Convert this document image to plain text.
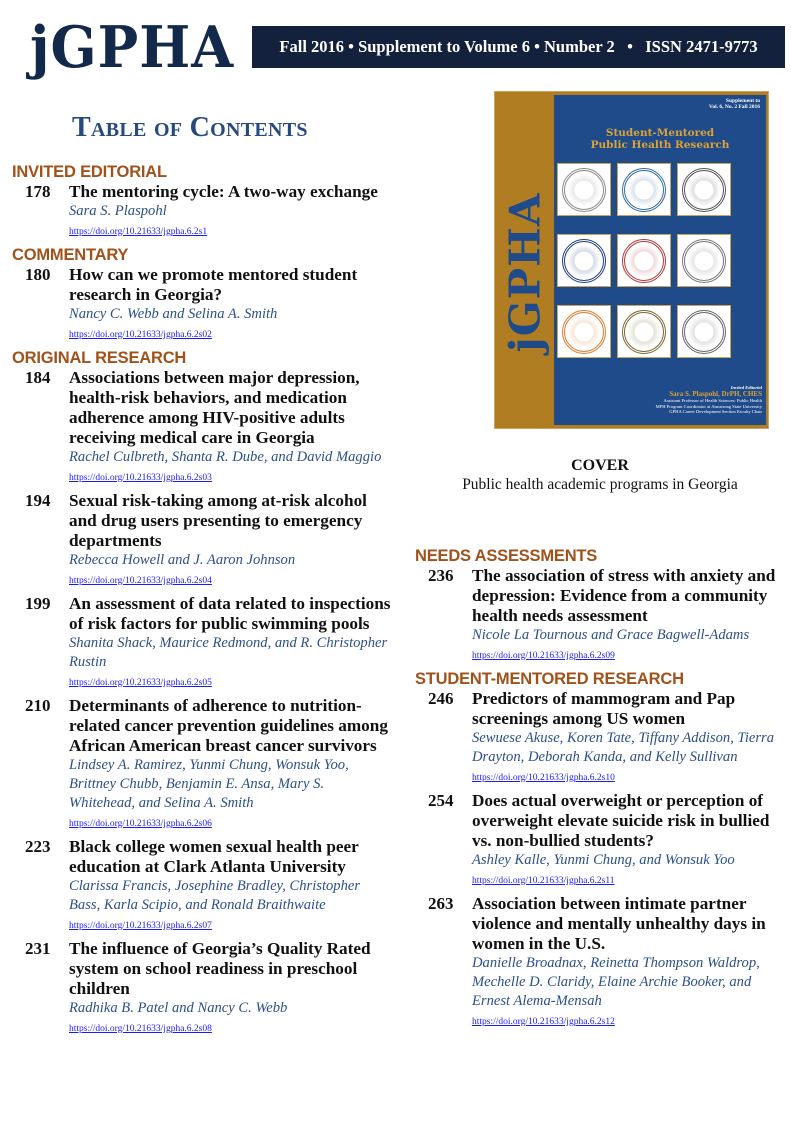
jGPHA	Fall 2016 • Supplement to Volume 6 • Number 2   •   ISSN 2471-9773
Table of Contents
INVITED EDITORIAL
178	The mentoring cycle: A two-way exchange
Sara S. Plaspohl
https://doi.org/10.21633/jgpha.6.2s1
COMMENTARY
180	How can we promote mentored student research in Georgia?
Nancy C. Webb and Selina A. Smith
https://doi.org/10.21633/jgpha.6.2s02
ORIGINAL RESEARCH
184	Associations between major depression, health-risk behaviors, and medication adherence among HIV-positive adults receiving medical care in Georgia
Rachel Culbreth, Shanta R. Dube, and David Maggio
https://doi.org/10.21633/jgpha.6.2s03
194	Sexual risk-taking among at-risk alcohol and drug users presenting to emergency departments
Rebecca Howell and J. Aaron Johnson
https://doi.org/10.21633/jgpha.6.2s04
199	An assessment of data related to inspections of risk factors for public swimming pools
Shanita Shack, Maurice Redmond, and R. Christopher Rustin
https://doi.org/10.21633/jgpha.6.2s05
210	Determinants of adherence to nutrition-related cancer prevention guidelines among African American breast cancer survivors
Lindsey A. Ramirez, Yunmi Chung, Wonsuk Yoo, Brittney Chubb, Benjamin E. Ansa, Mary S. Whitehead, and Selina A. Smith
https://doi.org/10.21633/jgpha.6.2s06
223	Black college women sexual health peer education at Clark Atlanta University
Clarissa Francis, Josephine Bradley, Christopher Bass, Karla Scipio, and Ronald Braithwaite
https://doi.org/10.21633/jgpha.6.2s07
231	The influence of Georgia’s Quality Rated system on school readiness in preschool children
Radhika B. Patel and Nancy C. Webb
https://doi.org/10.21633/jgpha.6.2s08
NEEDS ASSESSMENTS
236	The association of stress with anxiety and depression: Evidence from a community health needs assessment
Nicole La Tournous and Grace Bagwell-Adams
https://doi.org/10.21633/jgpha.6.2s09
STUDENT-MENTORED RESEARCH
246	Predictors of mammogram and Pap screenings among US women
Sewuese Akuse, Koren Tate, Tiffany Addison, Tierra Drayton, Deborah Kanda, and Kelly Sullivan
https://doi.org/10.21633/jgpha.6.2s10
254	Does actual overweight or perception of overweight elevate suicide risk in bullied vs. non-bullied students?
Ashley Kalle, Yunmi Chung, and Wonsuk Yoo
https://doi.org/10.21633/jgpha.6.2s11
263	Association between intimate partner violence and mentally unhealthy days in women in the U.S.
Danielle Broadnax, Reinetta Thompson Waldrop, Mechelle D. Claridy, Elaine Archie Booker, and Ernest Alema-Mensah
https://doi.org/10.21633/jgpha.6.2s12
jGPHA
Supplement to
Vol. 6, No. 2 Fall 2016
Student-Mentored
Public Health Research
Invited Editorial
Sara S. Plaspohl, DrPH, CHES
Assistant Professor of Health Sciences: Public Health
MPH Program Coordinator at Armstrong State University
GPHA Career Development Section Faculty Chair
COVER
Public health academic programs in Georgia
